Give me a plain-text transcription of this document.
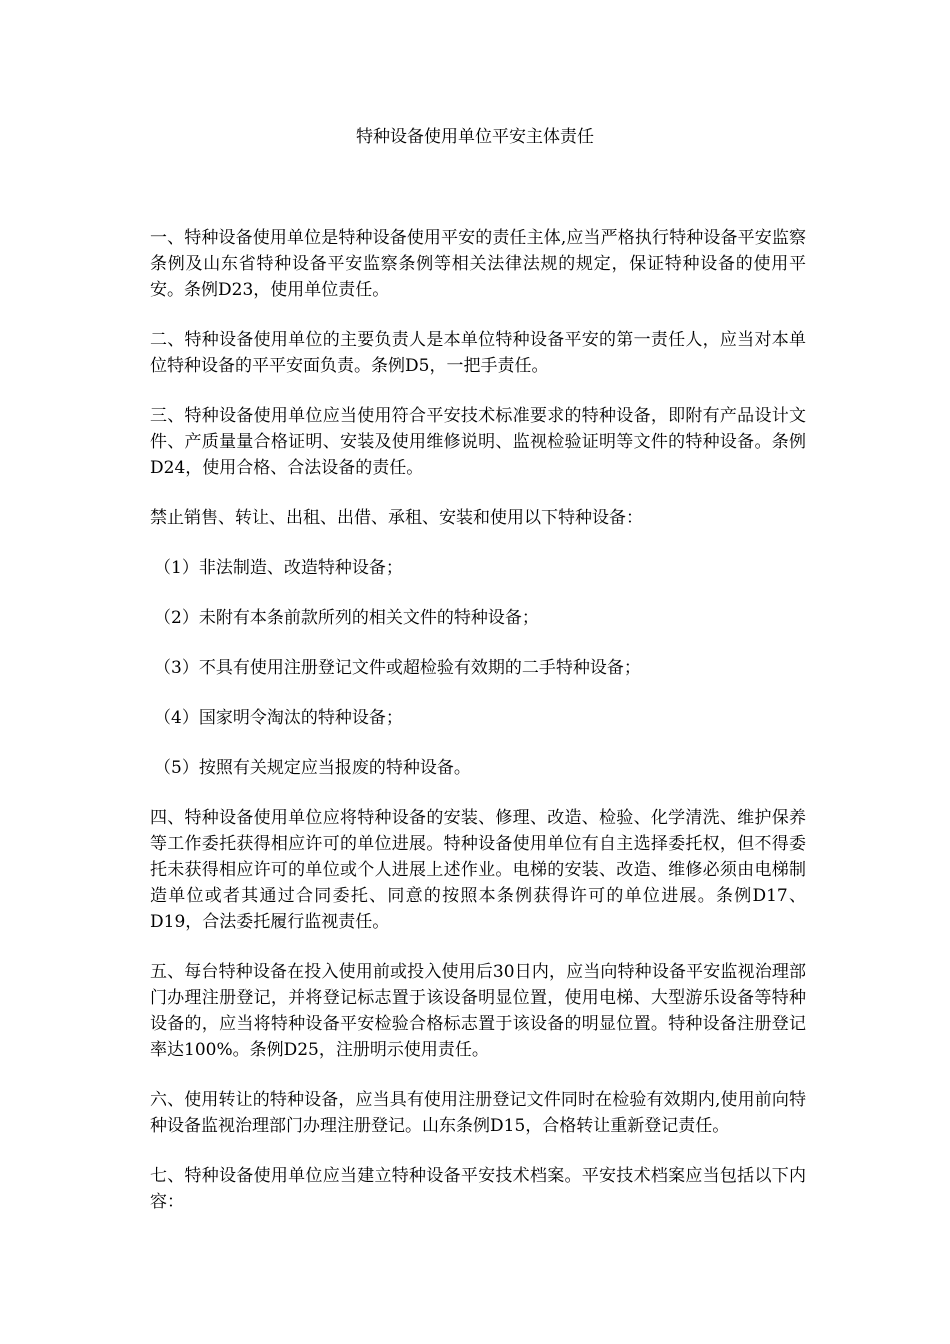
特种设备使用单位平安主体责任

一、特种设备使用单位是特种设备使用平安的责任主体,应当严格执行特种设备平安监察条例及山东省特种设备平安监察条例等相关法律法规的规定，保证特种设备的使用平安。条例D23，使用单位责任。

二、特种设备使用单位的主要负责人是本单位特种设备平安的第一责任人，应当对本单位特种设备的平平安面负责。条例D5，一把手责任。

三、特种设备使用单位应当使用符合平安技术标准要求的特种设备，即附有产品设计文件、产质量量合格证明、安装及使用维修说明、监视检验证明等文件的特种设备。条例D24，使用合格、合法设备的责任。

禁止销售、转让、出租、出借、承租、安装和使用以下特种设备：

（1）非法制造、改造特种设备；

（2）未附有本条前款所列的相关文件的特种设备；

（3）不具有使用注册登记文件或超检验有效期的二手特种设备；

（4）国家明令淘汰的特种设备；

（5）按照有关规定应当报废的特种设备。

四、特种设备使用单位应将特种设备的安装、修理、改造、检验、化学清洗、维护保养等工作委托获得相应许可的单位进展。特种设备使用单位有自主选择委托权，但不得委托未获得相应许可的单位或个人进展上述作业。电梯的安装、改造、维修必须由电梯制造单位或者其通过合同委托、同意的按照本条例获得许可的单位进展。条例D17、D19，合法委托履行监视责任。

五、每台特种设备在投入使用前或投入使用后30日内，应当向特种设备平安监视治理部门办理注册登记，并将登记标志置于该设备明显位置，使用电梯、大型游乐设备等特种设备的，应当将特种设备平安检验合格标志置于该设备的明显位置。特种设备注册登记率达100%。条例D25，注册明示使用责任。

六、使用转让的特种设备，应当具有使用注册登记文件同时在检验有效期内,使用前向特种设备监视治理部门办理注册登记。山东条例D15，合格转让重新登记责任。

七、特种设备使用单位应当建立特种设备平安技术档案。平安技术档案应当包括以下内容：
